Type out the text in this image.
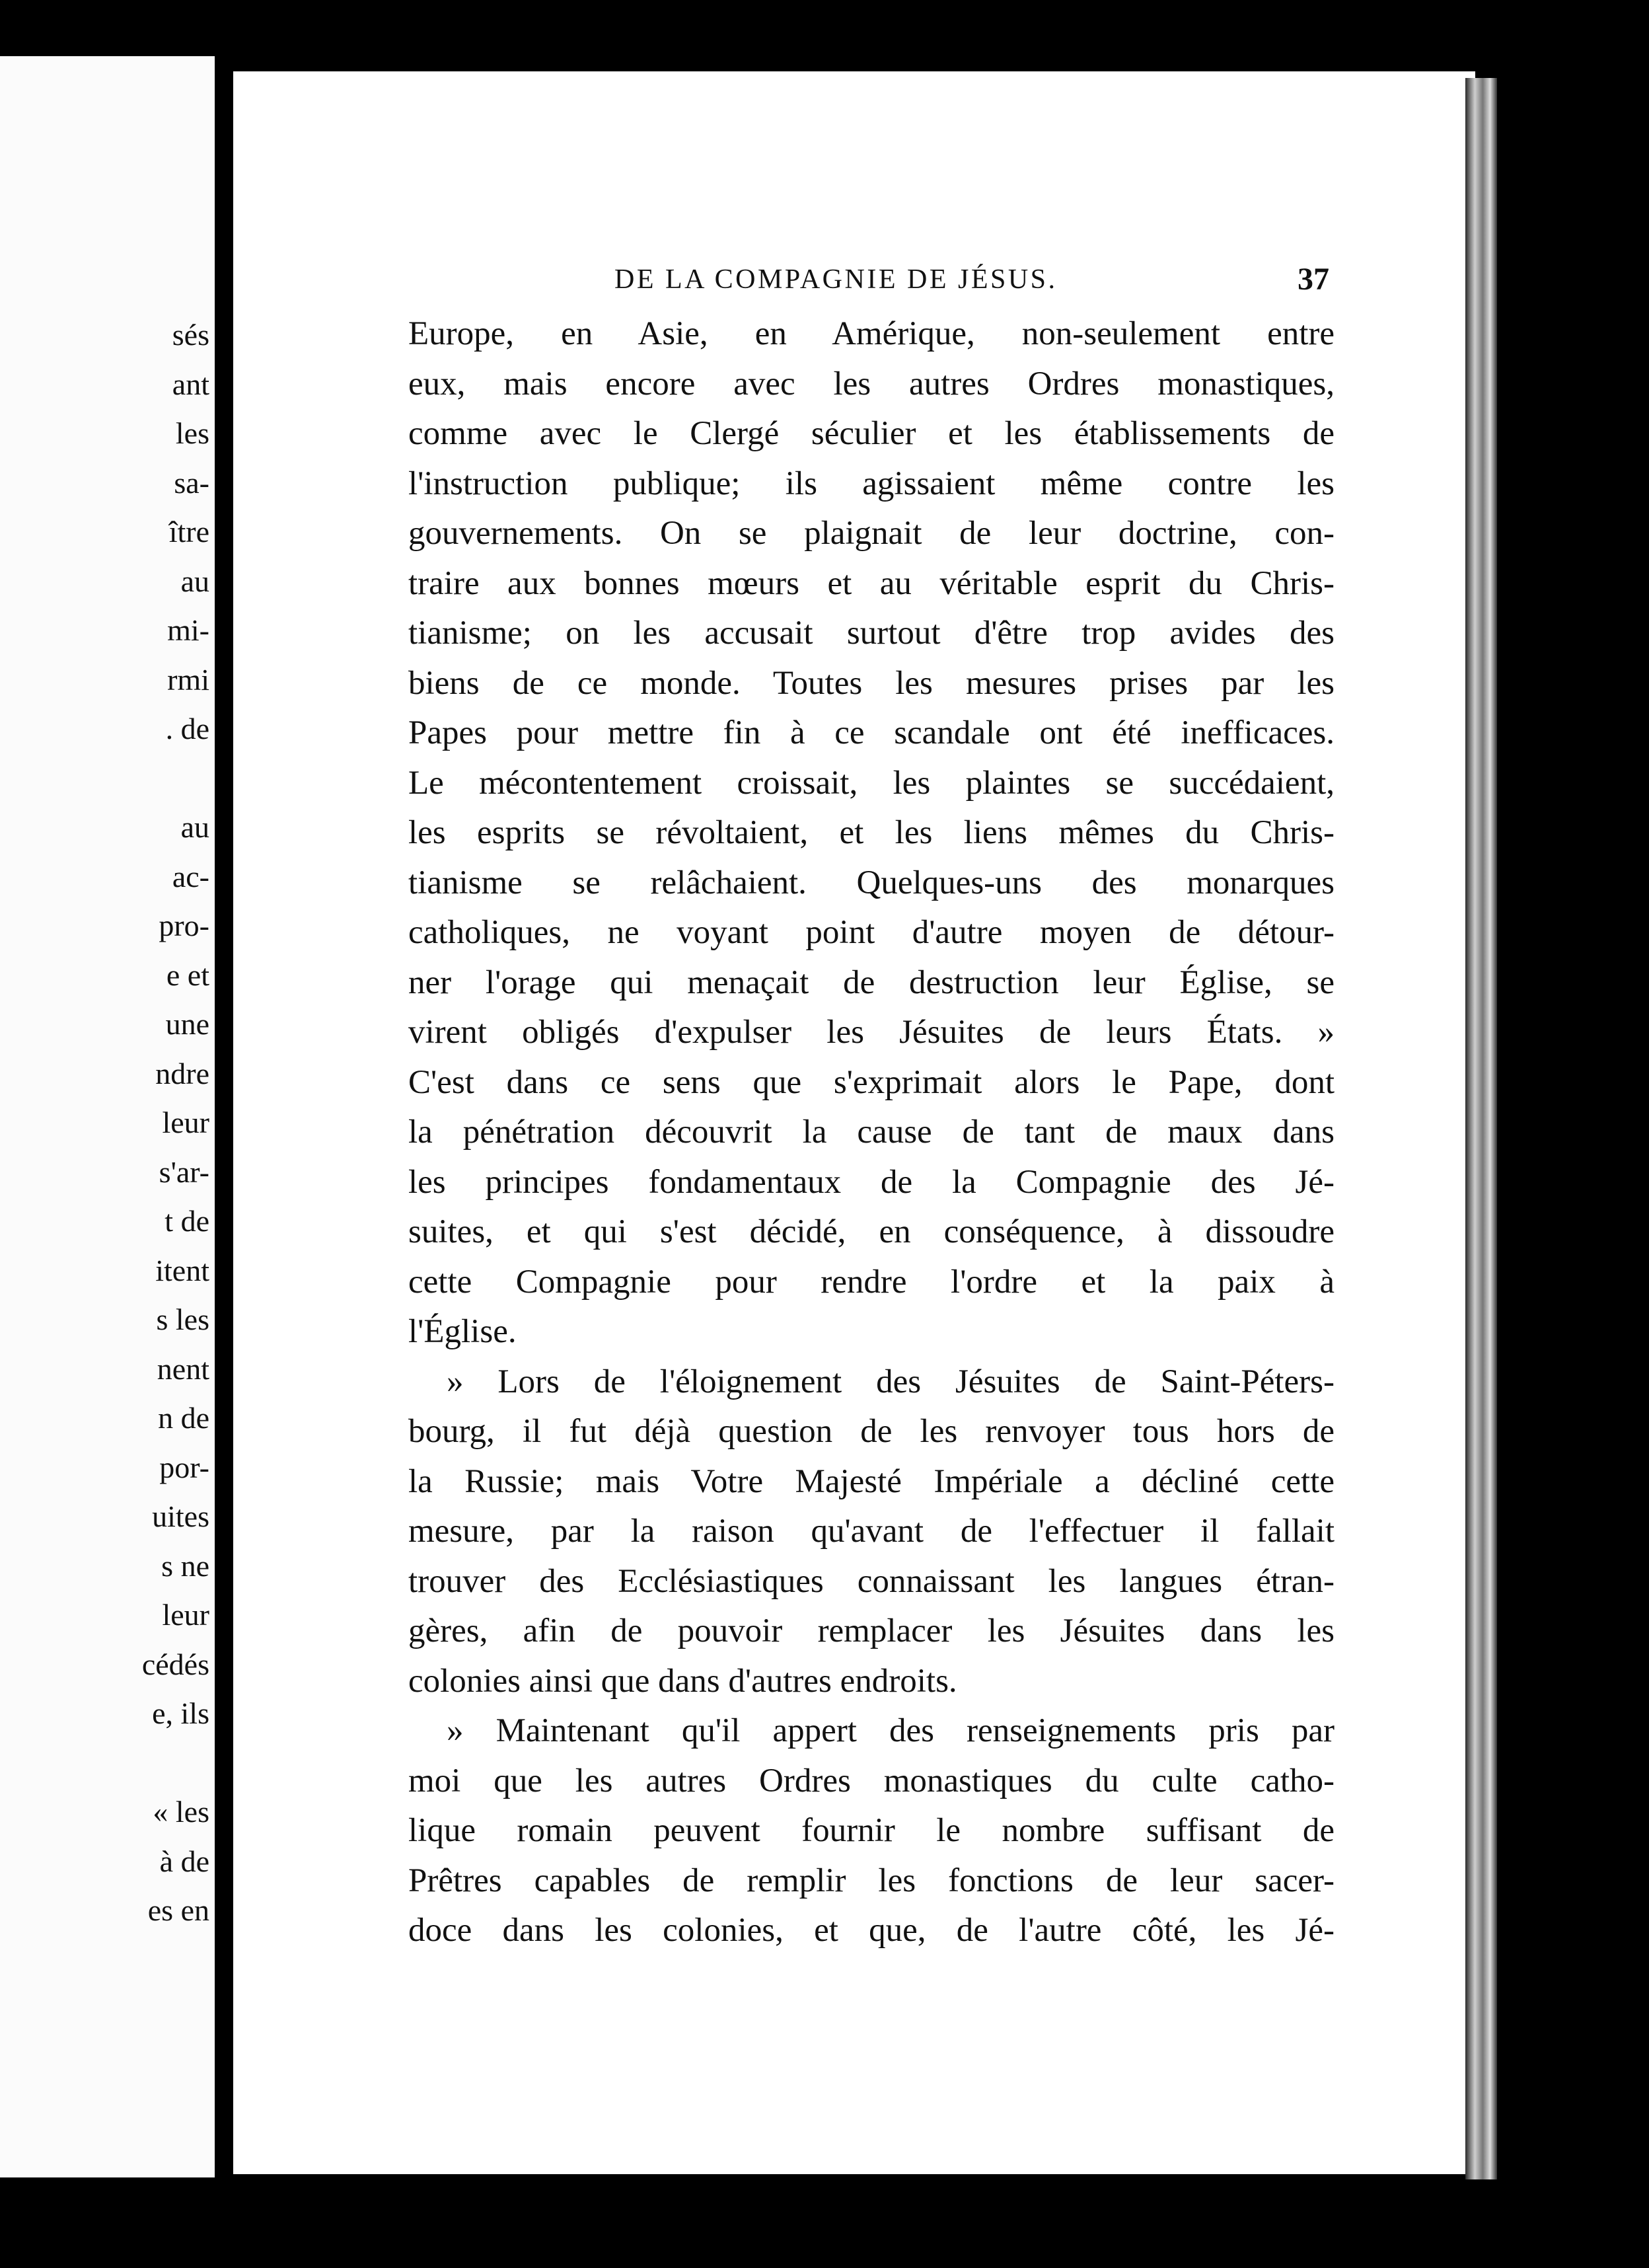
sés
ant
les
sa-
ître
au
mi-
rmi
. de
au
ac-
pro-
e et
une
ndre
leur
s'ar-
t de
itent
s les
nent
n de
por-
uites
s ne
leur
cédés
e, ils
« les
à de
es en
DE LA COMPAGNIE DE JÉSUS.	37
Europe, en Asie, en Amérique, non-seulement entre
eux, mais encore avec les autres Ordres monastiques,
comme avec le Clergé séculier et les établissements de
l'instruction publique; ils agissaient même contre les
gouvernements. On se plaignait de leur doctrine, con-
traire aux bonnes mœurs et au véritable esprit du Chris-
tianisme; on les accusait surtout d'être trop avides des
biens de ce monde. Toutes les mesures prises par les
Papes pour mettre fin à ce scandale ont été inefficaces.
Le mécontentement croissait, les plaintes se succédaient,
les esprits se révoltaient, et les liens mêmes du Chris-
tianisme se relâchaient. Quelques-uns des monarques
catholiques, ne voyant point d'autre moyen de détour-
ner l'orage qui menaçait de destruction leur Église, se
virent obligés d'expulser les Jésuites de leurs États. »
C'est dans ce sens que s'exprimait alors le Pape, dont
la pénétration découvrit la cause de tant de maux dans
les principes fondamentaux de la Compagnie des Jé-
suites, et qui s'est décidé, en conséquence, à dissoudre
cette Compagnie pour rendre l'ordre et la paix à
l'Église.
» Lors de l'éloignement des Jésuites de Saint-Péters-
bourg, il fut déjà question de les renvoyer tous hors de
la Russie; mais Votre Majesté Impériale a décliné cette
mesure, par la raison qu'avant de l'effectuer il fallait
trouver des Ecclésiastiques connaissant les langues étran-
gères, afin de pouvoir remplacer les Jésuites dans les
colonies ainsi que dans d'autres endroits.
» Maintenant qu'il appert des renseignements pris par
moi que les autres Ordres monastiques du culte catho-
lique romain peuvent fournir le nombre suffisant de
Prêtres capables de remplir les fonctions de leur sacer-
doce dans les colonies, et que, de l'autre côté, les Jé-
